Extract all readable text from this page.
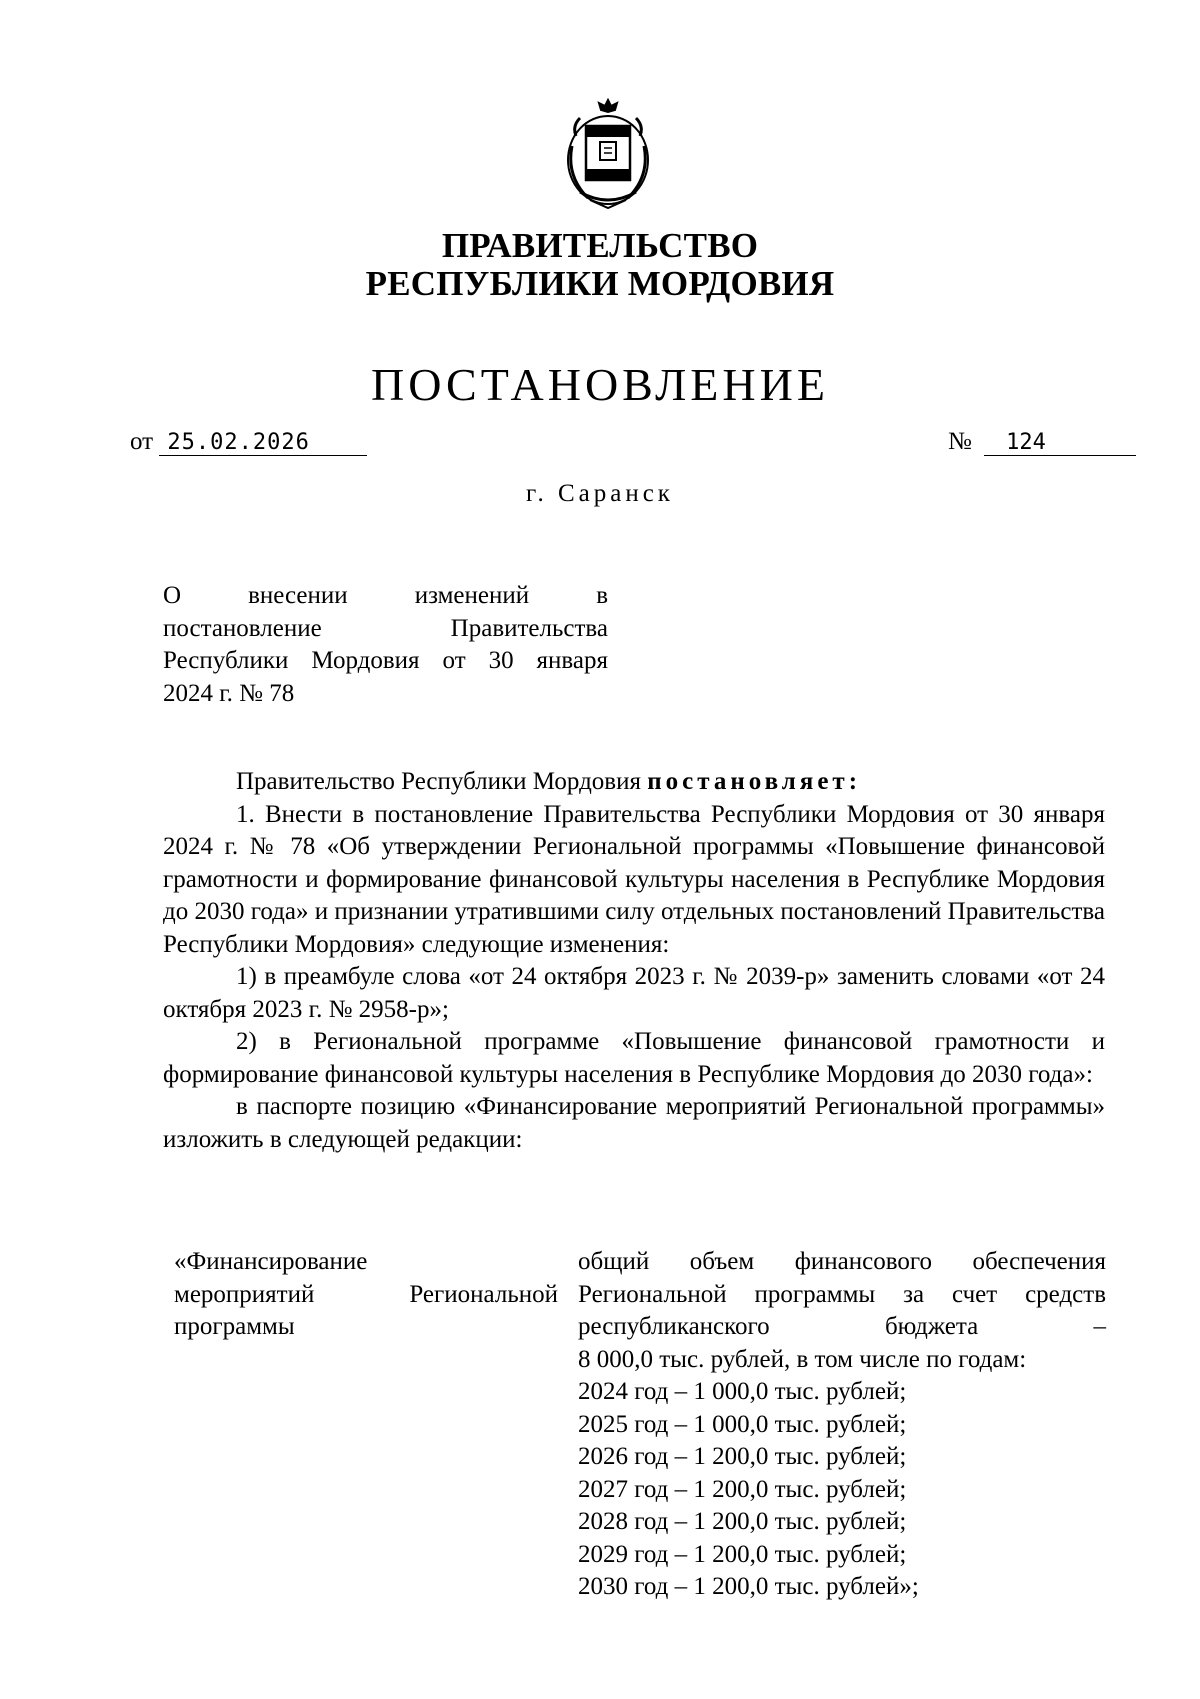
ПРАВИТЕЛЬСТВО
РЕСПУБЛИКИ МОРДОВИЯ
ПОСТАНОВЛЕНИЕ
от 25.02.2026	№ 124
г. Саранск
О внесении изменений в
постановление Правительства
Республики Мордовия от 30 января
2024 г. № 78

Правительство Республики Мордовия постановляет:

1. Внести в постановление Правительства Республики Мордовия от 30 января 2024 г. № 78 «Об утверждении Региональной программы «Повышение финансовой грамотности и формирование финансовой культуры населения в Республике Мордовия до 2030 года» и признании утратившими силу отдельных постановлений Правительства Республики Мордовия» следующие изменения:

1) в преамбуле слова «от 24 октября 2023 г. № 2039-р» заменить словами «от 24 октября 2023 г. № 2958-р»;

2) в Региональной программе «Повышение финансовой грамотности и формирование финансовой культуры населения в Республике Мордовия до 2030 года»:

в паспорте позицию «Финансирование мероприятий Региональной программы» изложить в следующей редакции:

«Финансирование
мероприятий Региональной
программы
общий объем финансового обеспечения
Региональной программы за счет средств
республиканского бюджета –
8 000,0 тыс. рублей, в том числе по годам:
2024 год – 1 000,0 тыс. рублей;
2025 год – 1 000,0 тыс. рублей;
2026 год – 1 200,0 тыс. рублей;
2027 год – 1 200,0 тыс. рублей;
2028 год – 1 200,0 тыс. рублей;
2029 год – 1 200,0 тыс. рублей;
2030 год – 1 200,0 тыс. рублей»;
